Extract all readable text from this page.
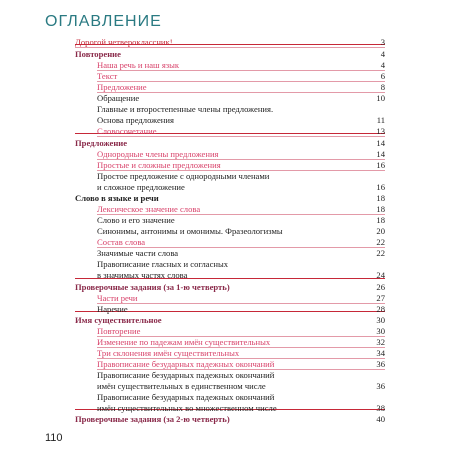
ОГЛАВЛЕНИЕ
Дорогой четвероклассник!	3
Повторение	4
Наша речь и наш язык	4
Текст	6
Предложение	8
Обращение	10
Главные и второстепенные члены предложения.
Основа предложения	11
Словосочетание	13
Предложение	14
Однородные члены предложения	14
Простые и сложные предложения	16
Простое предложение с однородными членами
и сложное предложение	16
Слово в языке и речи	18
Лексическое значение слова	18
Слово и его значение	18
Синонимы, антонимы и омонимы. Фразеологизмы	20
Состав слова	22
Значимые части слова	22
Правописание гласных и согласных
в значимых частях слова	24
Проверочные задания (за 1-ю четверть)	26
Части речи	27
Наречие	28
Имя существительное	30
Повторение	30
Изменение по падежам имён существительных	32
Три склонения имён существительных	34
Правописание безударных падежных окончаний	36
Правописание безударных падежных окончаний
имён существительных в единственном числе	36
Правописание безударных падежных окончаний
имён существительных во множественном числе	38
Проверочные задания (за 2-ю четверть)	40
110
